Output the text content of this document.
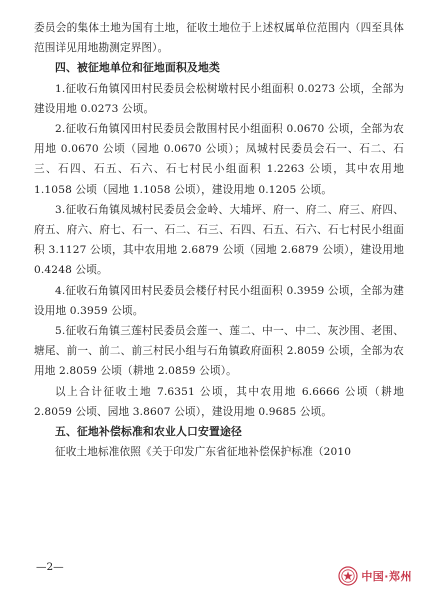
委员会的集体土地为国有土地，征收土地位于上述权属单位范围内（四至具体范围详见用地勘测定界图）。

四、被征地单位和征地面积及地类

1.征收石角镇冈田村民委员会松树墩村民小组面积 0.0273 公顷，全部为建设用地 0.0273 公顷。

2.征收石角镇冈田村民委员会散围村民小组面积 0.0670 公顷，全部为农用地 0.0670 公顷（园地 0.0670 公顷）；凤城村民委员会石一、石二、石三、石四、石五、石六、石七村民小组面积 1.2263 公顷，其中农用地 1.1058 公顷（园地 1.1058 公顷），建设用地 0.1205 公顷。

3.征收石角镇凤城村民委员会金岭、大埔坪、府一、府二、府三、府四、府五、府六、府七、石一、石二、石三、石四、石五、石六、石七村民小组面积 3.1127 公顷，其中农用地 2.6879 公顷（园地 2.6879 公顷），建设用地 0.4248 公顷。

4.征收石角镇冈田村民委员会楼仔村民小组面积 0.3959 公顷，全部为建设用地 0.3959 公顷。

5.征收石角镇三莲村民委员会莲一、莲二、中一、中二、灰沙围、老围、塘尾、前一、前二、前三村民小组与石角镇政府面积 2.8059 公顷，全部为农用地 2.8059 公顷（耕地 2.0859 公顷）。

以上合计征收土地 7.6351 公顷，其中农用地 6.6666 公顷（耕地 2.8059 公顷、园地 3.8607 公顷），建设用地 0.9685 公顷。

五、征地补偿标准和农业人口安置途径

征收土地标准依照《关于印发广东省征地补偿保护标准（2010

—2—
中国·郑州
